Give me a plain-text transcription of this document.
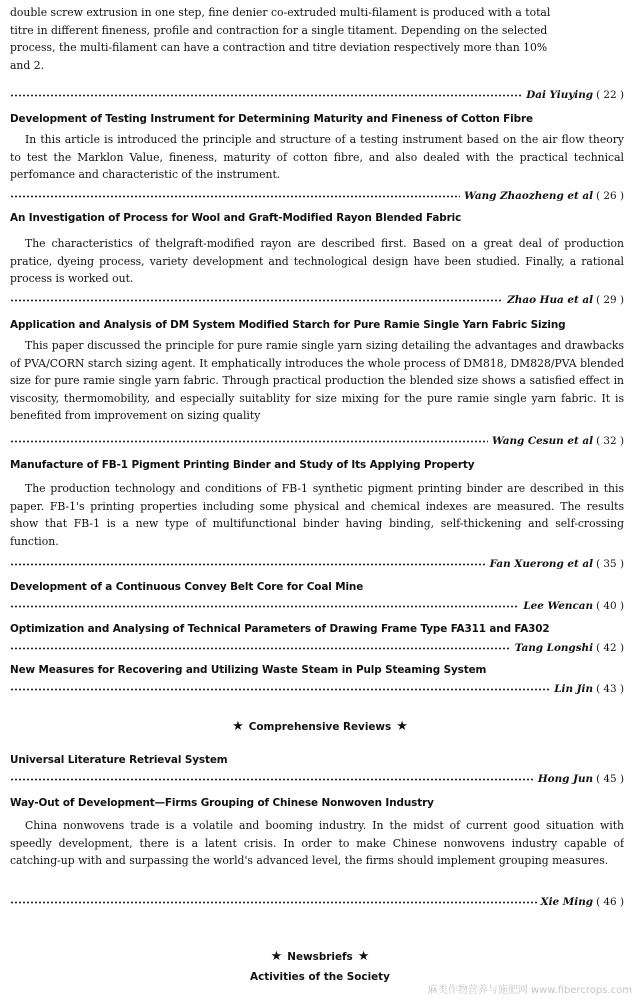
double screw extrusion in one step, fine denier co-extruded multi-filament is produced with a total
titre in different fineness, profile and contraction for a single titament. Depending on the selected
process, the multi-filament can have a contraction and titre deviation respectively more than 10%
and 2.

Dai Yiuying ( 22 )
Development of Testing Instrument for Determining Maturity and Fineness of Cotton Fibre

In this article is introduced the principle and structure of a testing instrument based on the air flow theory to test the Marklon Value, fineness, maturity of cotton fibre, and also dealed with the practical technical perfomance and characteristic of the instrument.

Wang Zhaozheng et al ( 26 )
An Investigation of Process for Wool and Graft-Modified Rayon Blended Fabric

The characteristics of thelgraft-modified rayon are described first. Based on a great deal of production pratice, dyeing process, variety development and technological design have been studied. Finally, a rational process is worked out.

Zhao Hua et al ( 29 )
Application and Analysis of DM System Modified Starch for Pure Ramie Single Yarn Fabric Sizing

This paper discussed the principle for pure ramie single yarn sizing detailing the advantages and drawbacks of PVA/CORN starch sizing agent. It emphatically introduces the whole process of DM818, DM828/PVA blended size for pure ramie single yarn fabric. Through practical production the blended size shows a satisfied effect in viscosity, thermomobility, and especially suitablity for size mixing for the pure ramie single yarn fabric. It is benefited from improvement on sizing quality

Wang Cesun et al ( 32 )
Manufacture of FB-1 Pigment Printing Binder and Study of Its Applying Property

The production technology and conditions of FB-1 synthetic pigment printing binder are described in this paper. FB-1's printing properties including some physical and chemical indexes are measured. The results show that FB-1 is a new type of multifunctional binder having binding, self-thickening and self-crossing function.

Fan Xuerong et al ( 35 )
Development of a Continuous Convey Belt Core for Coal Mine
Lee Wencan ( 40 )
Optimization and Analysing of Technical Parameters of Drawing Frame Type FA311 and FA302
Tang Longshi ( 42 )
New Measures for Recovering and Utilizing Waste Steam in Pulp Steaming System
Lin Jin ( 43 )
★ Comprehensive Reviews ★
Universal Literature Retrieval System
Hong Jun ( 45 )
Way-Out of Development—Firms Grouping of Chinese Nonwoven Industry

China nonwovens trade is a volatile and booming industry. In the midst of current good situation with speedly development, there is a latent crisis. In order to make Chinese nonwovens industry capable of catching-up with and surpassing the world's advanced level, the firms should implement grouping measures.

Xie Ming ( 46 )
★ Newsbriefs ★
Activities of the Society
麻类作物营养与施肥网 www.fibercrops.com
